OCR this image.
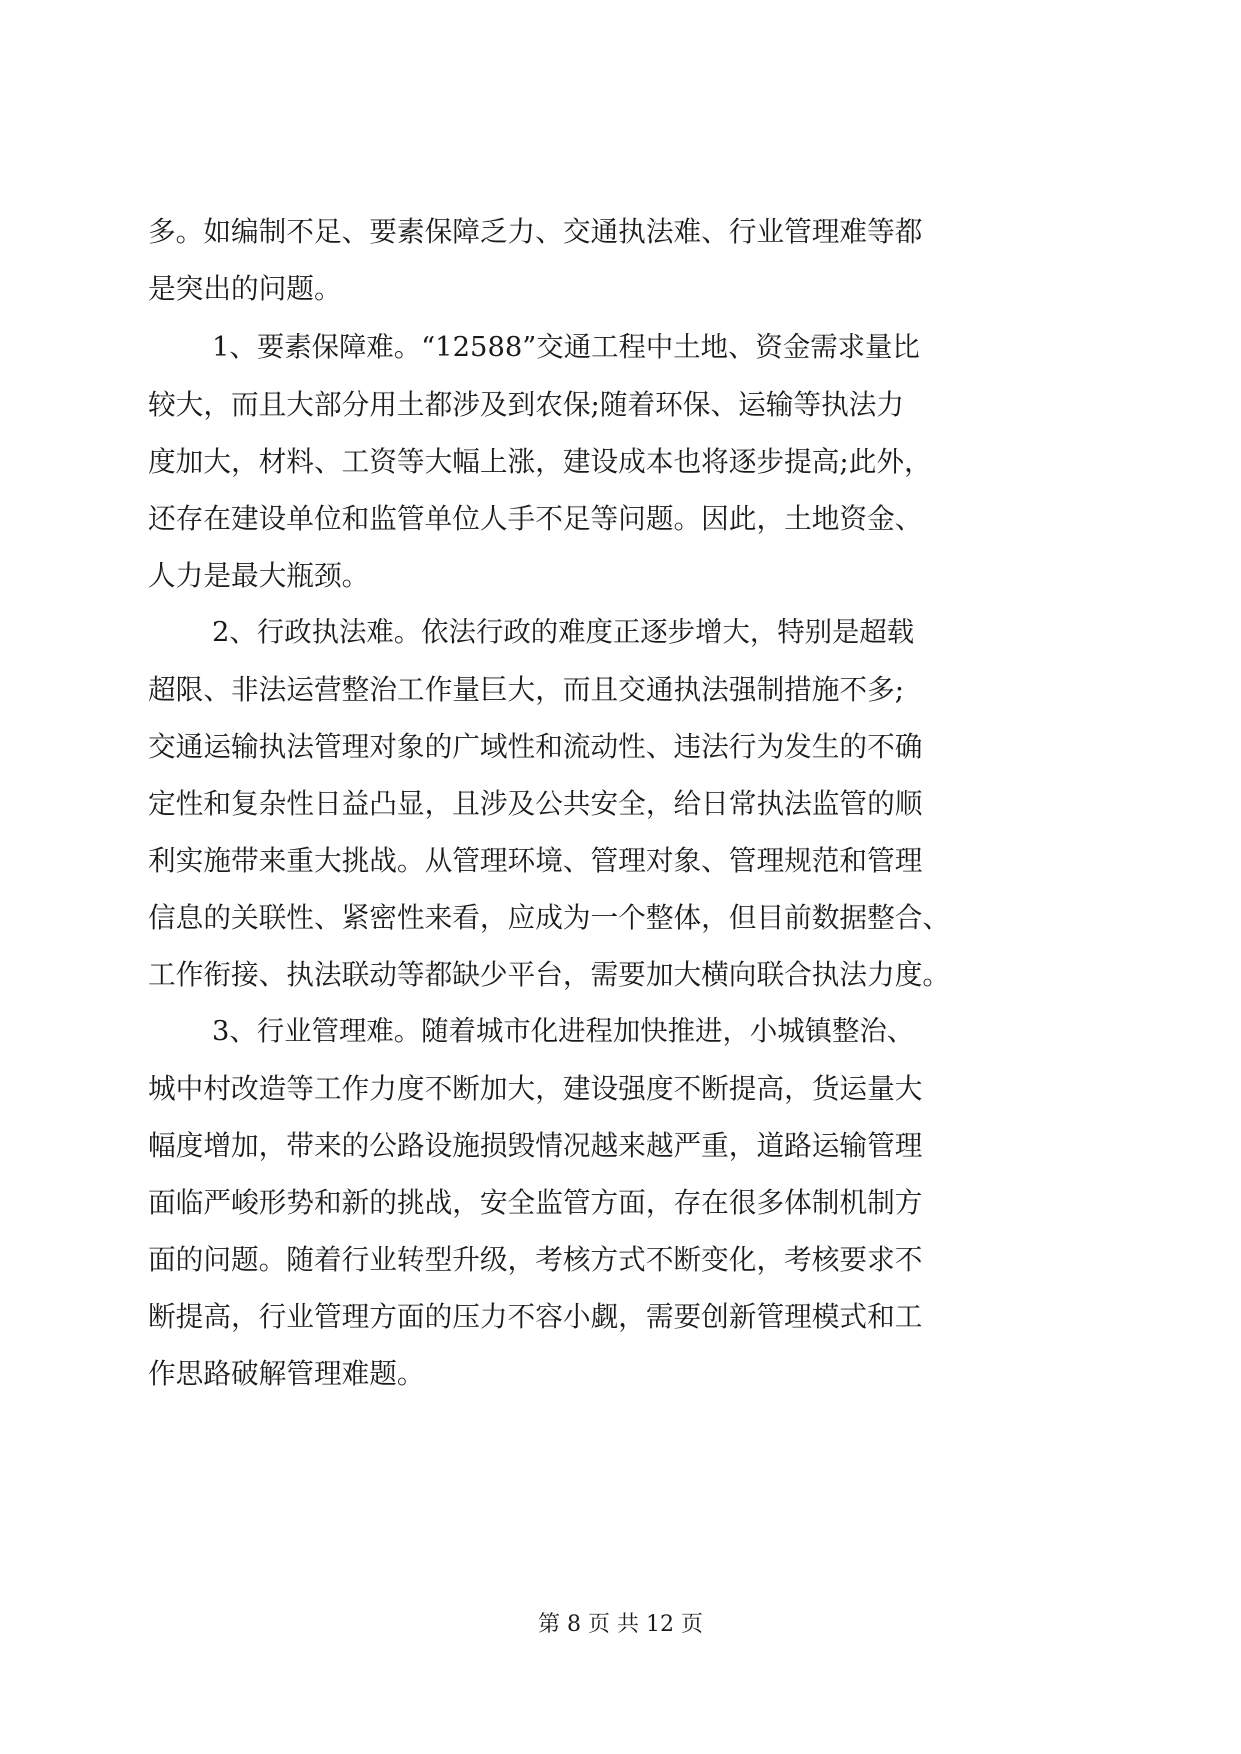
多。如编制不足、要素保障乏力、交通执法难、行业管理难等都
是突出的问题。
1、要素保障难。“12588”交通工程中土地、资金需求量比
较大，而且大部分用土都涉及到农保;随着环保、运输等执法力
度加大，材料、工资等大幅上涨，建设成本也将逐步提高;此外，
还存在建设单位和监管单位人手不足等问题。因此，土地资金、
人力是最大瓶颈。
2、行政执法难。依法行政的难度正逐步增大，特别是超载
超限、非法运营整治工作量巨大，而且交通执法强制措施不多;
交通运输执法管理对象的广域性和流动性、违法行为发生的不确
定性和复杂性日益凸显，且涉及公共安全，给日常执法监管的顺
利实施带来重大挑战。从管理环境、管理对象、管理规范和管理
信息的关联性、紧密性来看，应成为一个整体，但目前数据整合、
工作衔接、执法联动等都缺少平台，需要加大横向联合执法力度。
3、行业管理难。随着城市化进程加快推进，小城镇整治、
城中村改造等工作力度不断加大，建设强度不断提高，货运量大
幅度增加，带来的公路设施损毁情况越来越严重，道路运输管理
面临严峻形势和新的挑战，安全监管方面，存在很多体制机制方
面的问题。随着行业转型升级，考核方式不断变化，考核要求不
断提高，行业管理方面的压力不容小觑，需要创新管理模式和工
作思路破解管理难题。
第 8 页 共 12 页
